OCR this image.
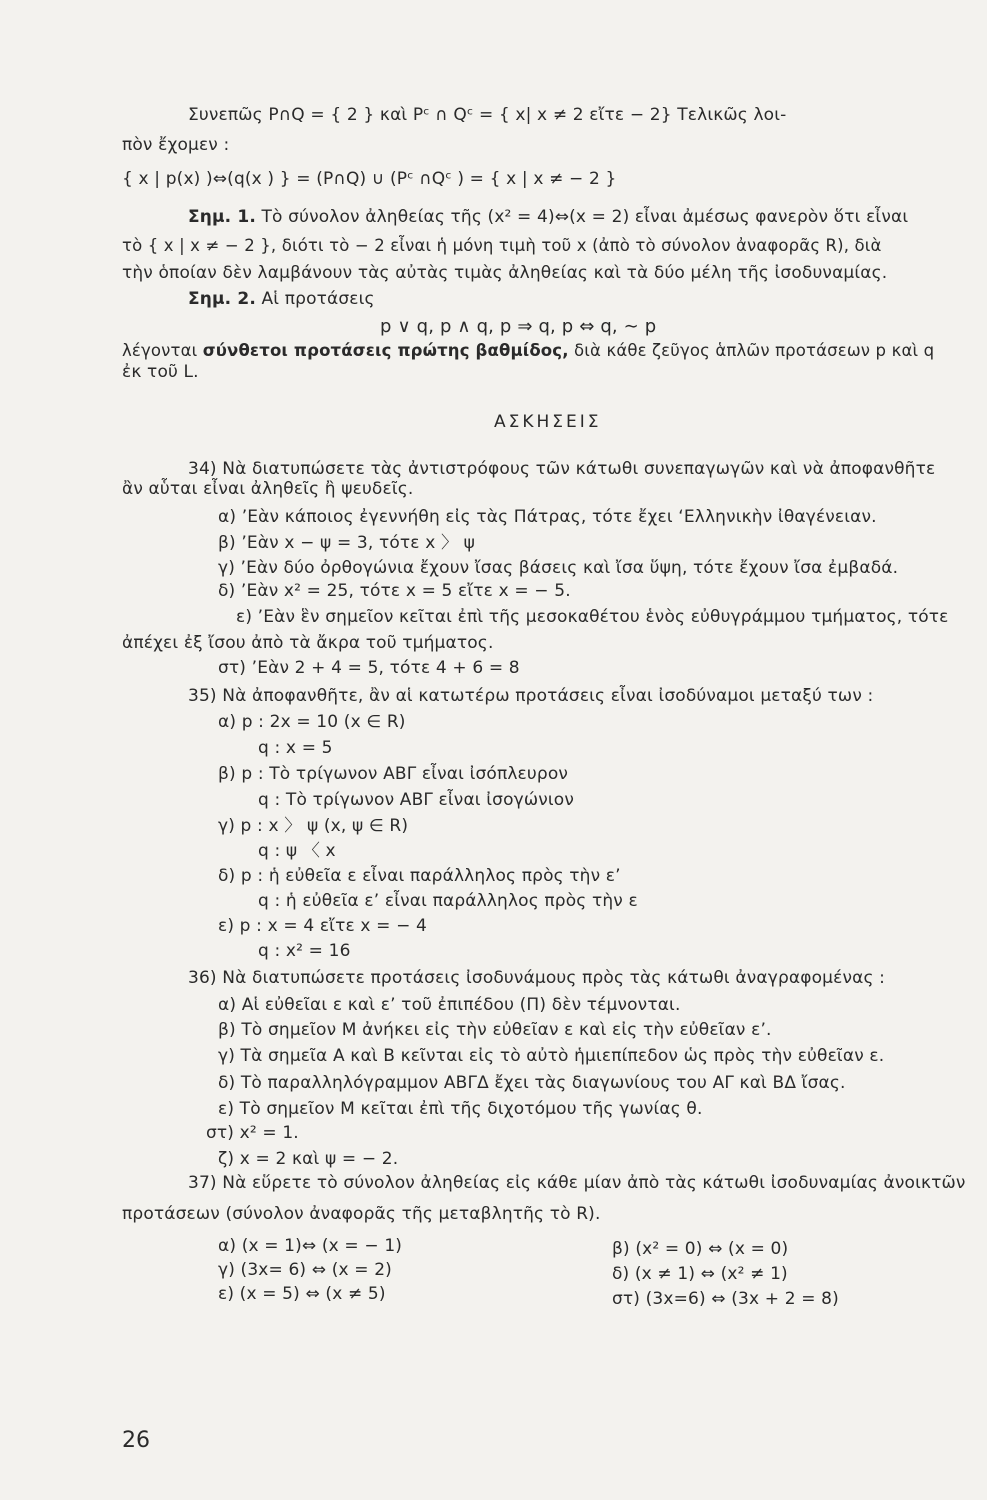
Συνεπῶς P∩Q = { 2 } καὶ Pᶜ ∩ Qᶜ = { x| x ≠ 2 εἴτε − 2} Τελικῶς λοι-
πὸν ἔχομεν :
{ x | p(x) )⇔(q(x ) } = (P∩Q) ∪ (Pᶜ ∩Qᶜ ) = { x | x ≠ − 2 }
Σημ. 1. Τὸ σύνολον ἀληθείας τῆς (x² = 4)⇔(x = 2) εἶναι ἀμέσως φανερὸν ὅτι εἶναι
τὸ { x | x ≠ − 2 }, διότι τὸ − 2 εἶναι ἡ μόνη τιμὴ τοῦ x (ἀπὸ τὸ σύνολον ἀναφορᾶς R), διὰ
τὴν ὁποίαν δὲν λαμβάνουν τὰς αὐτὰς τιμὰς ἀληθείας καὶ τὰ δύο μέλη τῆς ἰσοδυναμίας.
Σημ. 2. Αἱ προτάσεις
p ∨ q, p ∧ q, p ⇒ q, p ⇔ q, ∼ p
λέγονται σύνθετοι προτάσεις πρώτης βαθμίδος, διὰ κάθε ζεῦγος ἁπλῶν προτάσεων p καὶ q
ἐκ τοῦ L.
ΑΣΚΗΣΕΙΣ
34) Νὰ διατυπώσετε τὰς ἀντιστρόφους τῶν κάτωθι συνεπαγωγῶν καὶ νὰ ἀποφανθῆτε
ἂν αὗται εἶναι ἀληθεῖς ἢ ψευδεῖς.
α) ’Εὰν κάποιος ἐγεννήθη εἰς τὰς Πάτρας, τότε ἔχει ‘Ελληνικὴν ἰθαγένειαν.
β) ’Εὰν x − ψ = 3, τότε x 〉 ψ
γ) ’Εὰν δύο ὀρθογώνια ἔχουν ἴσας βάσεις καὶ ἴσα ὕψη, τότε ἔχουν ἴσα ἐμβαδά.
δ) ’Εὰν x² = 25, τότε x = 5 εἴτε x = − 5.
ε) ’Εὰν ἓν σημεῖον κεῖται ἐπὶ τῆς μεσοκαθέτου ἑνὸς εὐθυγράμμου τμήματος, τότε
ἀπέχει ἐξ ἴσου ἀπὸ τὰ ἄκρα τοῦ τμήματος.
στ) ’Εὰν 2 + 4 = 5, τότε 4 + 6 = 8
35) Νὰ ἀποφανθῆτε, ἂν αἱ κατωτέρω προτάσεις εἶναι ἰσοδύναμοι μεταξύ των :
α) p : 2x = 10 (x ∈ R)
q : x = 5
β) p : Τὸ τρίγωνον ΑΒΓ εἶναι ἰσόπλευρον
q : Τὸ τρίγωνον ΑΒΓ εἶναι ἰσογώνιον
γ) p : x 〉 ψ (x, ψ ∈ R)
q : ψ 〈 x
δ) p : ἡ εὐθεῖα ε εἶναι παράλληλος πρὸς τὴν ε’
q : ἡ εὐθεῖα ε’ εἶναι παράλληλος πρὸς τὴν ε
ε) p : x = 4 εἴτε x = − 4
q : x² = 16
36) Νὰ διατυπώσετε προτάσεις ἰσοδυνάμους πρὸς τὰς κάτωθι ἀναγραφομένας :
α) Αἱ εὐθεῖαι ε καὶ ε’ τοῦ ἐπιπέδου (Π) δὲν τέμνονται.
β) Τὸ σημεῖον Μ ἀνήκει εἰς τὴν εὐθεῖαν ε καὶ εἰς τὴν εὐθεῖαν ε’.
γ) Τὰ σημεῖα Α καὶ Β κεῖνται εἰς τὸ αὐτὸ ἡμιεπίπεδον ὡς πρὸς τὴν εὐθεῖαν ε.
δ) Τὸ παραλληλόγραμμον ΑΒΓΔ ἔχει τὰς διαγωνίους του ΑΓ καὶ ΒΔ ἴσας.
ε) Τὸ σημεῖον Μ κεῖται ἐπὶ τῆς διχοτόμου τῆς γωνίας θ.
στ) x² = 1.
ζ) x = 2 καὶ ψ = − 2.
37) Νὰ εὕρετε τὸ σύνολον ἀληθείας εἰς κάθε μίαν ἀπὸ τὰς κάτωθι ἰσοδυναμίας ἀνοικτῶν
προτάσεων (σύνολον ἀναφορᾶς τῆς μεταβλητῆς τὸ R).
α) (x = 1)⇔ (x = − 1)
γ) (3x= 6) ⇔ (x = 2)
ε) (x = 5) ⇔ (x ≠ 5)
β) (x² = 0) ⇔ (x = 0)
δ) (x ≠ 1) ⇔ (x² ≠ 1)
στ) (3x=6) ⇔ (3x + 2 = 8)
26
